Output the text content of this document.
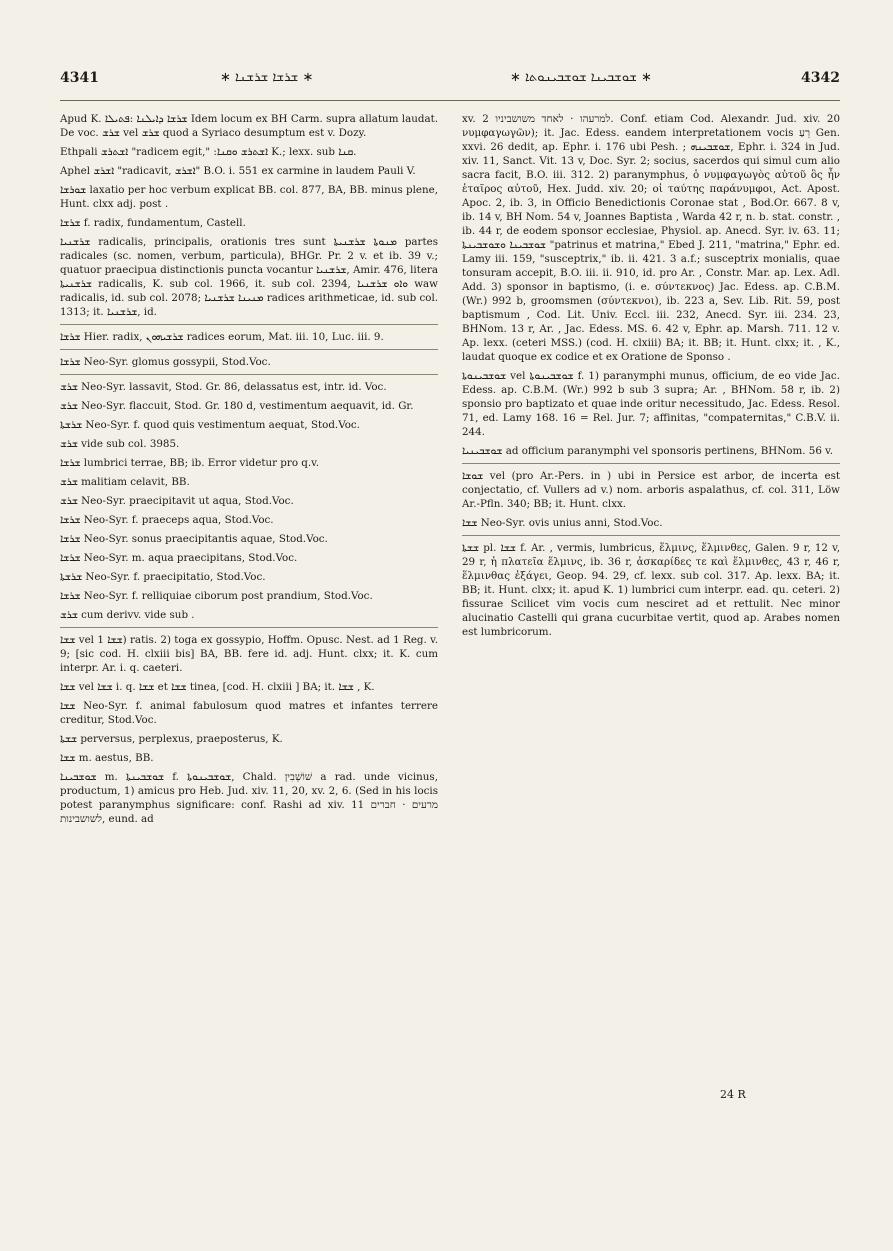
4341	∗ ܫܪܫܐ ܫܪܫܢܐ ∗	∗ ܫܘܫܒܝܢܐ ܫܘܫܒܝܢܘܬܐ ∗	4342

Apud K. ܫܪܫܐ ܕܐܝܠܢܐ :ܦܬܝܠܐ Idem locum ex BH Carm. supra allatum laudat. De voc. ܫܪܫ vel ܫܪܫ quod a Syriaco desumptum est v. Dozy.

Ethpali ܐܫܬܪܫ "radicem egit," :ܐܫܬܪܫ ܘܩܢܐ K.; lexx. sub ܩܢܐ.

Aphel ܐܫܪܫ "radicavit, ܐܫܪܫ" B.O. i. 551 ex carmine in laudem Pauli V.

ܫܘܪܫܐ laxatio per hoc verbum explicat BB. col. 877, BA, BB. minus plene, Hunt. clxx adj. post .

ܫܪܫܐ f. radix, fundamentum, Castell.

ܫܪܫܢܝܐ radicalis, principalis, orationis tres sunt ܡܢܘܬܐ ܫܪܫܢܝܬܐ partes radicales (sc. nomen, verbum, particula), BHGr. Pr. 2 v. et ib. 39 v.; quatuor praecipua distinctionis puncta vocantur ܫܪܫܢܝܐ, Amir. 476, litera ܫܪܫܢܝܬܐ radicalis, K. sub col. 1966, it. sub col. 2394, ܘܐܘ ܫܪܫܢܝܐ waw radicalis, id. sub col. 2078; ܡܢܝܢܐ ܫܪܫܢܝܐ radices arithmeticae, id. sub col. 1313; it. ܫܪܫܢܝܐ, id.

ܫܪܫܐ Hier. radix, ܫܪܫܝܗܘܢ radices eorum, Mat. iii. 10, Luc. iii. 9.

ܫܪܫܐ Neo-Syr. glomus gossypii, Stod.Voc.

ܫܪܫ Neo-Syr. lassavit, Stod. Gr. 86, delassatus est, intr. id. Voc.

ܫܪܫ Neo-Syr. flaccuit, Stod. Gr. 180 d, vestimentum aequavit, id. Gr.

ܫܪܫܬܐ Neo-Syr. f. quod quis vestimentum aequat, Stod.Voc.

ܫܪܫ vide sub col. 3985.

ܫܪܫܐ lumbrici terrae, BB; ib. Error videtur pro q.v.

ܫܪܫ malitiam celavit, BB.

ܫܪܫ Neo-Syr. praecipitavit ut aqua, Stod.Voc.

ܫܪܫܐ Neo-Syr. f. praeceps aqua, Stod.Voc.

ܫܪܫܐ Neo-Syr. sonus praecipitantis aquae, Stod.Voc.

ܫܪܫܐ Neo-Syr. m. aqua praecipitans, Stod.Voc.

ܫܪܫܬܐ Neo-Syr. f. praecipitatio, Stod.Voc.

ܫܪܫܐ Neo-Syr. f. relliquiae ciborum post prandium, Stod.Voc.

ܫܪܫ cum derivv. vide sub .

ܫܫܐ vel ܫܫܐ 1) ratis. 2) toga ex gossypio, Hoffm. Opusc. Nest. ad 1 Reg. v. 9; [sic cod. H. clxiii bis] BA, BB. fere id. adj. Hunt. clxx; it. K. cum interpr. Ar. i. q. caeteri.

ܫܫܐ vel ܫܫܐ i. q. ܫܫܐ et ܫܫܐ tinea, [cod. H. clxiii ] BA; it. ܫܫܐ , K.

ܫܫܐ Neo-Syr. f. animal fabulosum quod matres et infantes terrere creditur, Stod.Voc.

ܫܫܬܐ perversus, perplexus, praeposterus, K.

ܫܫܐ m. aestus, BB.

ܫܘܫܒܝܢܐ m. ܫܘܫܒܝܢܬܐ f. ܫܘܫܒܝܢܘܬܐ, Chald. שׁוֹשְׁבִין a rad. unde vicinus, productum, 1) amicus pro Heb. Jud. xiv. 11, 20, xv. 2, 6. (Sed in his locis potest paranymphus significare: conf. Rashi ad xiv. 11 מרעים · חברים לשושבינות, eund. ad

xv. 2 למרעהו · לאחד משושביניו. Conf. etiam Cod. Alexandr. Jud. xiv. 20 νυμφαγωγῶν); it. Jac. Edess. eandem interpretationem vocis רֵעַ Gen. xxvi. 26 dedit, ap. Ephr. i. 176 ubi Pesh. ; ܫܘܫܒܝܢܗ, Ephr. i. 324 in Jud. xiv. 11, Sanct. Vit. 13 v, Doc. Syr. 2; socius, sacerdos qui simul cum alio sacra facit, B.O. iii. 312. 2) paranymphus, ὁ νυμφαγωγὸς αὐτοῦ ὃς ἦν ἑταῖρος αὐτοῦ, Hex. Judd. xiv. 20; οἱ ταύτης παράνυμφοι, Act. Apost. Apoc. 2, ib. 3, in Officio Benedictionis Coronae stat , Bod.Or. 667. 8 v, ib. 14 v, BH Nom. 54 v, Joannes Baptista , Warda 42 r, n. b. stat. constr. , ib. 44 r, de eodem sponsor ecclesiae, Physiol. ap. Anecd. Syr. iv. 63. 11; ܫܘܫܒܝܢܐ ܘܫܘܫܒܝܢܬܐ "patrinus et matrina," Ebed J. 211, "matrina," Ephr. ed. Lamy iii. 159, "susceptrix," ib. ii. 421. 3 a.f.; susceptrix monialis, quae tonsuram accepit, B.O. iii. ii. 910, id. pro Ar. , Constr. Mar. ap. Lex. Adl. Add. 3) sponsor in baptismo, (i. e. σύντεκνος) Jac. Edess. ap. C.B.M. (Wr.) 992 b, groomsmen (σύντεκνοι), ib. 223 a, Sev. Lib. Rit. 59, post baptismum , Cod. Lit. Univ. Eccl. iii. 232, Anecd. Syr. iii. 234. 23, BHNom. 13 r, Ar. , Jac. Edess. MS. 6. 42 v, Ephr. ap. Marsh. 711. 12 v. Ap. lexx. (ceteri MSS.) (cod. H. clxiii) BA; it. BB; it. Hunt. clxx; it. , K., laudat quoque ex codice et ex Oratione de Sponso .

ܫܘܫܒܝܢܘܬܐ vel ܫܘܫܒܝܢܘܬܐ f. 1) paranymphi munus, officium, de eo vide Jac. Edess. ap. C.B.M. (Wr.) 992 b sub 3 supra; Ar. , BHNom. 58 r, ib. 2) sponsio pro baptizato et quae inde oritur necessitudo, Jac. Edess. Resol. 71, ed. Lamy 168. 16 = Rel. Jur. 7; affinitas, "compaternitas," C.B.V. ii. 244.

ܫܘܫܒܝܢܝܐ ad officium paranymphi vel sponsoris pertinens, BHNom. 56 v.

ܫܘܫܐ vel (pro Ar.-Pers. in ) ubi in Persice est arbor, de incerta est conjectatio, cf. Vullers ad v.) nom. arboris aspalathus, cf. col. 311, Löw Ar.-Pfln. 340; BB; it. Hunt. clxx.

ܫܫܐ Neo-Syr. ovis unius anni, Stod.Voc.

ܫܫܬܐ pl. ܫܫܐ f. Ar. , vermis, lumbricus, ἕλμινς, ἕλμινθες, Galen. 9 r, 12 v, 29 r, ἡ πλατεῖα ἕλμινς, ib. 36 r, ἀσκαρίδες τε καὶ ἕλμινθες, 43 r, 46 r, ἕλμινθας ἐξάγει, Geop. 94. 29, cf. lexx. sub col. 317. Ap. lexx. BA; it. BB; it. Hunt. clxx; it. apud K. 1) lumbrici cum interpr. ead. qu. ceteri. 2) fissurae Scilicet vim vocis cum nesciret ad et rettulit. Nec minor alucinatio Castelli qui grana cucurbitae vertit, quod ap. Arabes nomen est lumbricorum.

24 R
